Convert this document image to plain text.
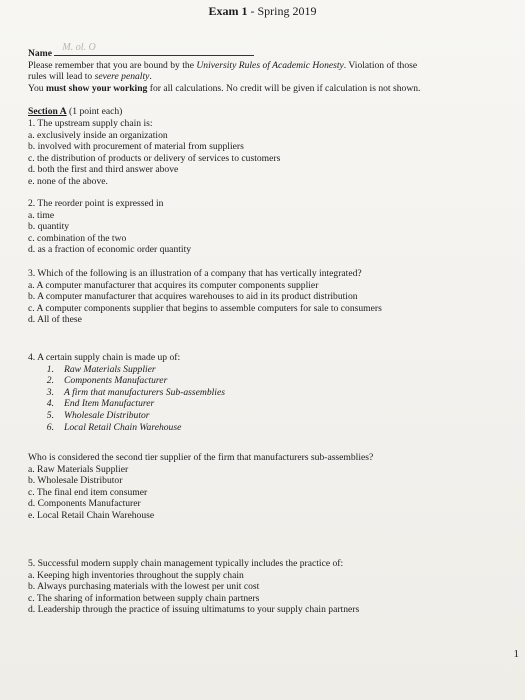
Exam 1 - Spring 2019
Name
M. ol. O
Please remember that you are bound by the University Rules of Academic Honesty. Violation of those
rules will lead to severe penalty.
You must show your working for all calculations. No credit will be given if calculation is not shown.
Section A (1 point each)
1. The upstream supply chain is:
a. exclusively inside an organization
b. involved with procurement of material from suppliers
c. the distribution of products or delivery of services to customers
d. both the first and third answer above
e. none of the above.
2. The reorder point is expressed in
a. time
b. quantity
c. combination of the two
d. as a fraction of economic order quantity
3. Which of the following is an illustration of a company that has vertically integrated?
a. A computer manufacturer that acquires its computer components supplier
b. A computer manufacturer that acquires warehouses to aid in its product distribution
c. A computer components supplier that begins to assemble computers for sale to consumers
d. All of these
4. A certain supply chain is made up of:
1. Raw Materials Supplier
2. Components Manufacturer
3. A firm that manufacturers Sub-assemblies
4. End Item Manufacturer
5. Wholesale Distributor
6. Local Retail Chain Warehouse
Who is considered the second tier supplier of the firm that manufacturers sub-assemblies?
a. Raw Materials Supplier
b. Wholesale Distributor
c. The final end item consumer
d. Components Manufacturer
e. Local Retail Chain Warehouse
5. Successful modern supply chain management typically includes the practice of:
a. Keeping high inventories throughout the supply chain
b. Always purchasing materials with the lowest per unit cost
c. The sharing of information between supply chain partners
d. Leadership through the practice of issuing ultimatums to your supply chain partners
1
